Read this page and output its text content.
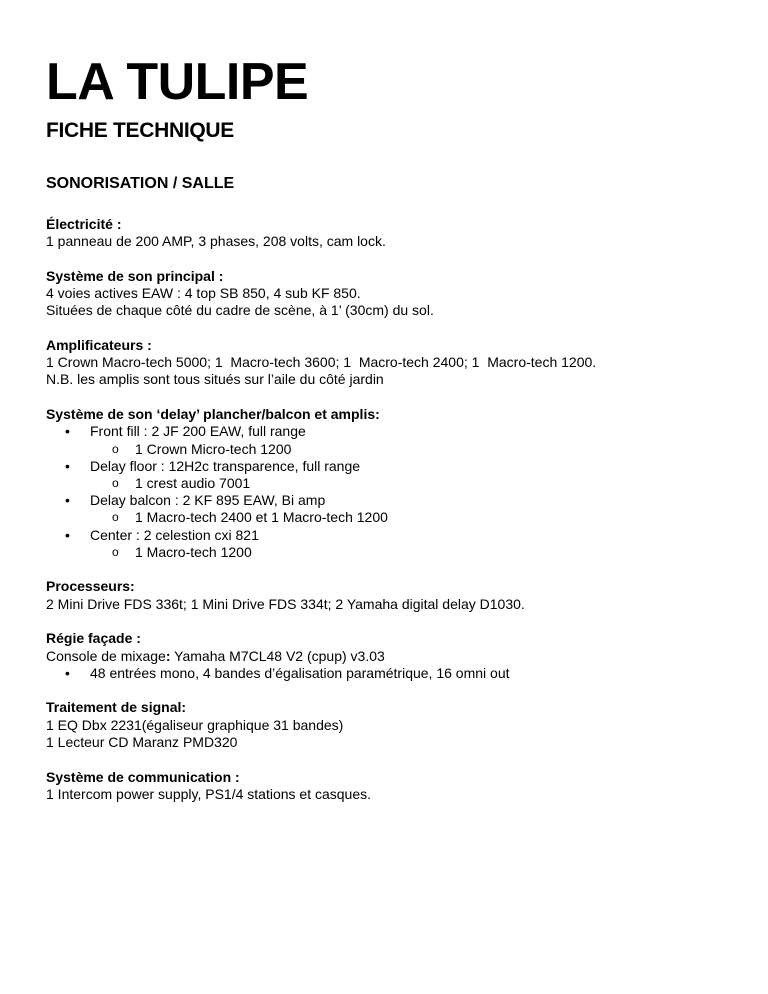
LA TULIPE
FICHE TECHNIQUE
SONORISATION / SALLE
Électricité :
1 panneau de 200 AMP, 3 phases, 208 volts, cam lock.
Système de son principal :
4 voies actives EAW : 4 top SB 850, 4 sub KF 850.
Situées de chaque côté du cadre de scène, à 1’ (30cm) du sol.
Amplificateurs :
1 Crown Macro-tech 5000; 1  Macro-tech 3600; 1  Macro-tech 2400; 1  Macro-tech 1200.
N.B. les amplis sont tous situés sur l’aile du côté jardin
Système de son ‘delay’ plancher/balcon et amplis:
• Front fill : 2 JF 200 EAW, full range
o 1 Crown Micro-tech 1200
• Delay floor : 12H2c transparence, full range
o 1 crest audio 7001
• Delay balcon : 2 KF 895 EAW, Bi amp
o 1 Macro-tech 2400 et 1 Macro-tech 1200
• Center : 2 celestion cxi 821
o 1 Macro-tech 1200
Processeurs:
2 Mini Drive FDS 336t; 1 Mini Drive FDS 334t; 2 Yamaha digital delay D1030.
Régie façade :
Console de mixage: Yamaha M7CL48 V2 (cpup) v3.03
• 48 entrées mono, 4 bandes d’égalisation paramétrique, 16 omni out
Traitement de signal:
1 EQ Dbx 2231(égaliseur graphique 31 bandes)
1 Lecteur CD Maranz PMD320
Système de communication :
1 Intercom power supply, PS1/4 stations et casques.
